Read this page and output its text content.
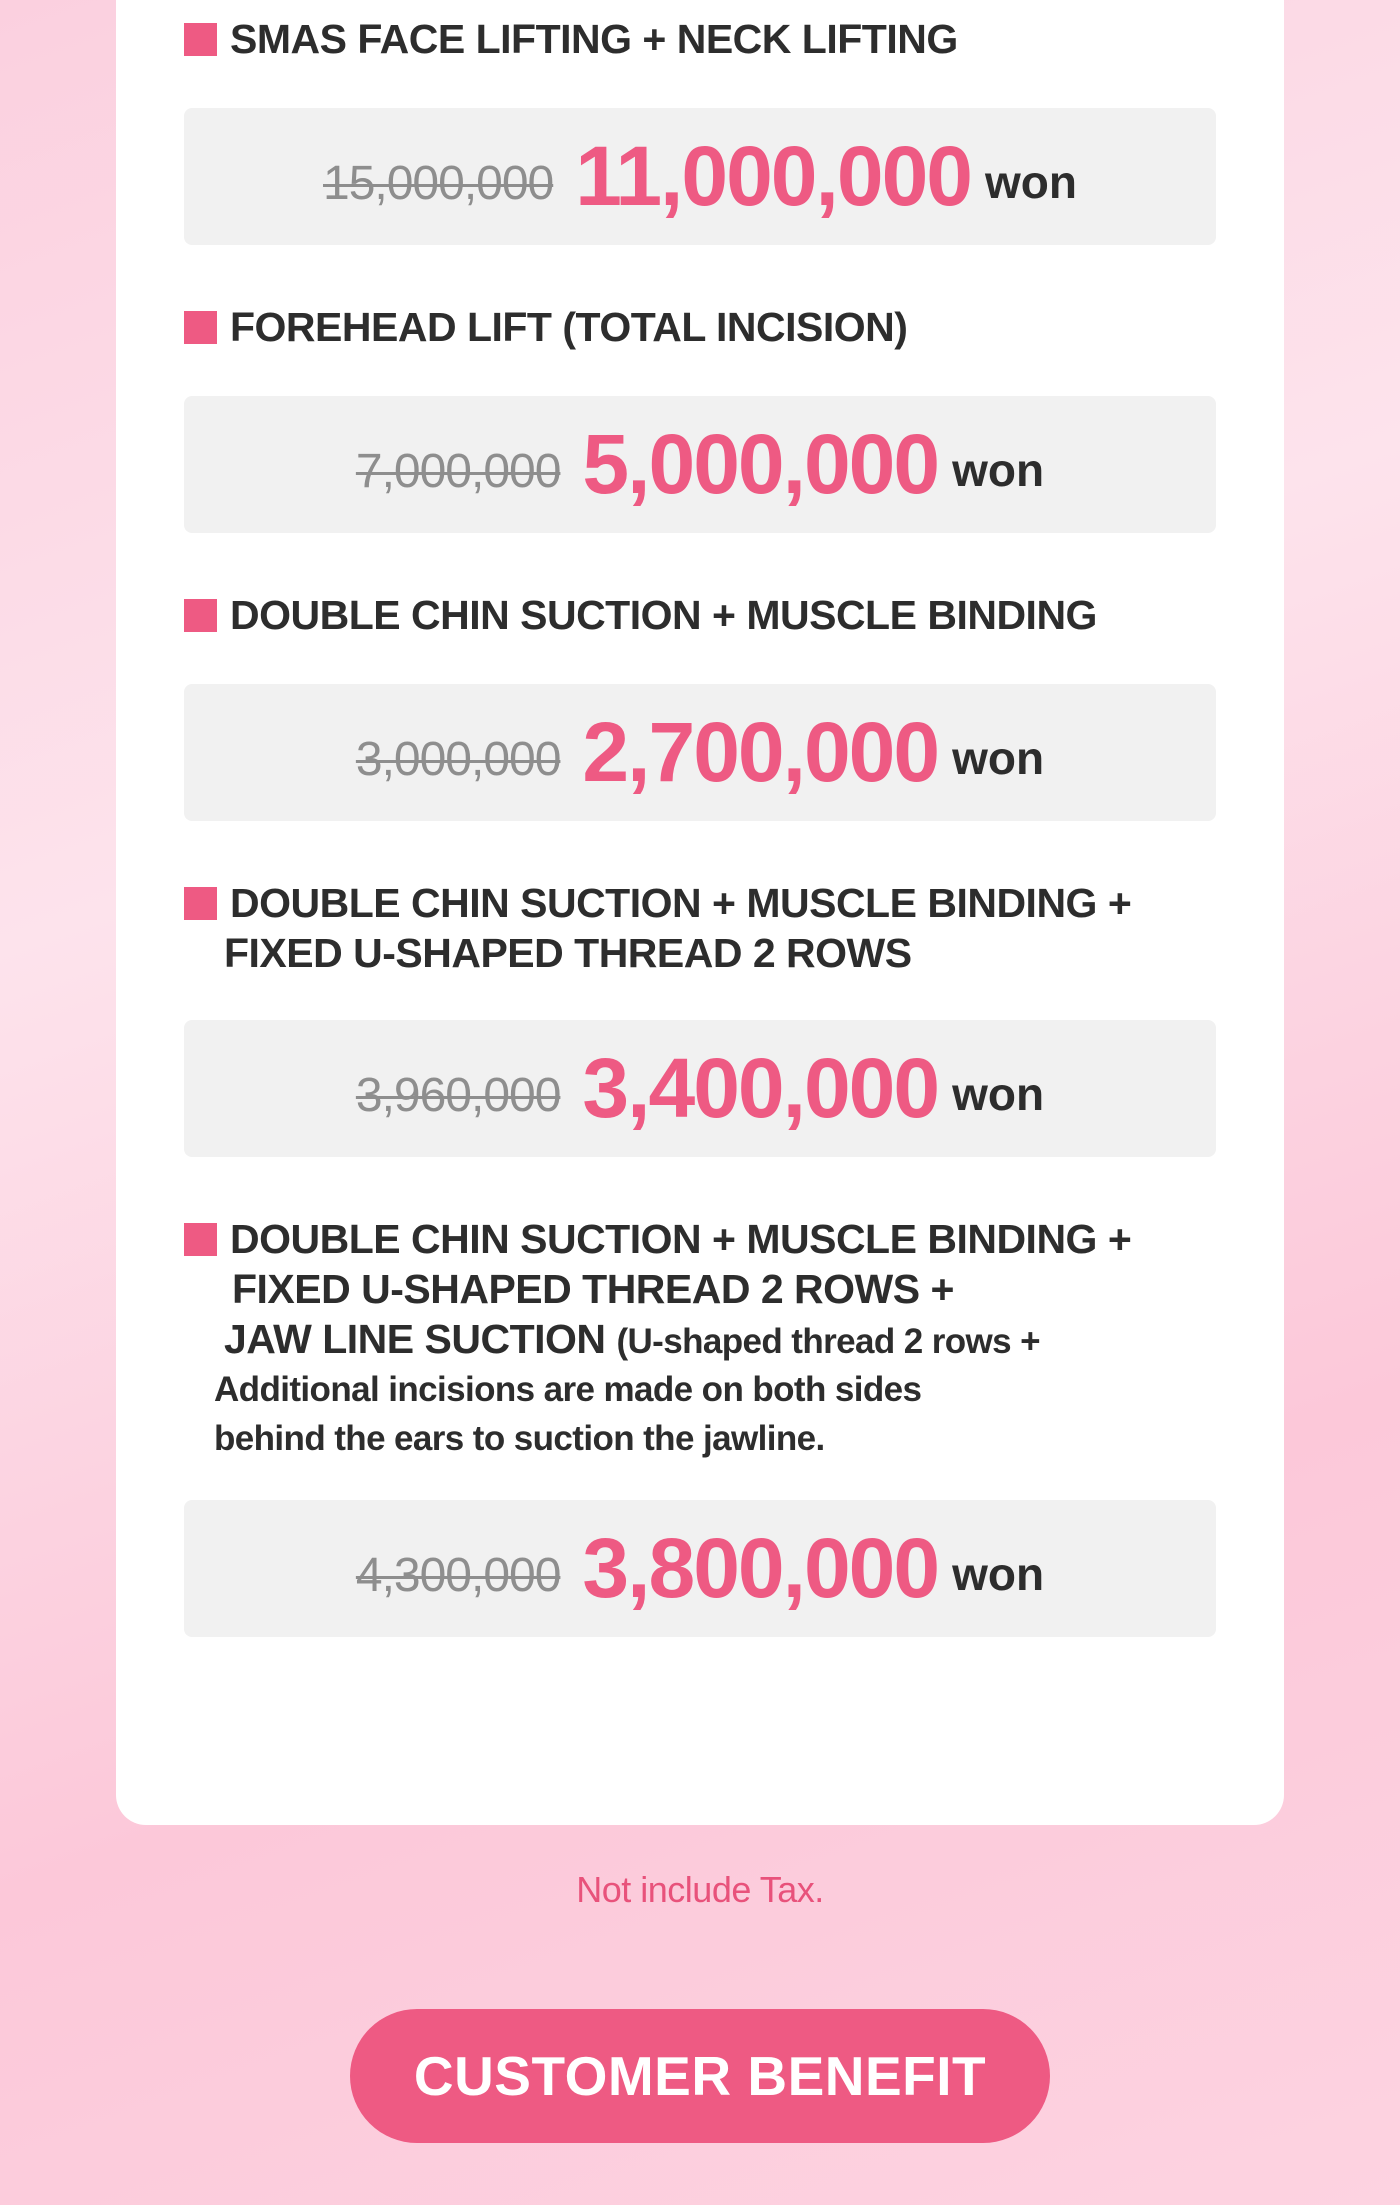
SMAS FACE LIFTING + NECK LIFTING
15,000,000 11,000,000 won
FOREHEAD LIFT (TOTAL INCISION)
7,000,000 5,000,000 won
DOUBLE CHIN SUCTION + MUSCLE BINDING
3,000,000 2,700,000 won
DOUBLE CHIN SUCTION + MUSCLE BINDING +
FIXED U-SHAPED THREAD 2 ROWS
3,960,000 3,400,000 won
DOUBLE CHIN SUCTION + MUSCLE BINDING +
FIXED U-SHAPED THREAD 2 ROWS +
JAW LINE SUCTION (U-shaped thread 2 rows +
Additional incisions are made on both sides
behind the ears to suction the jawline.
4,300,000 3,800,000 won
Not include Tax.
CUSTOMER BENEFIT
